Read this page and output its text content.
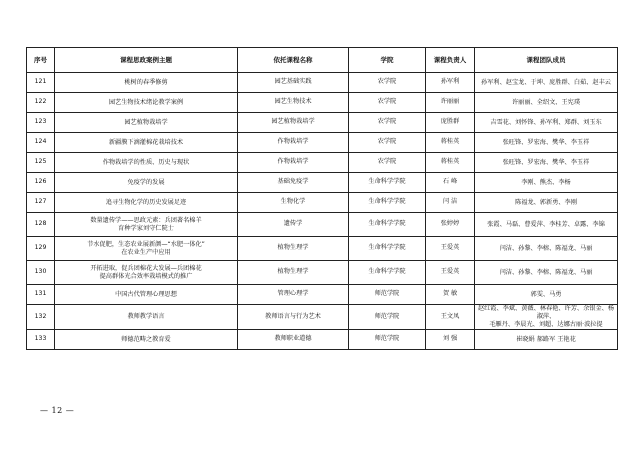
序号	课程思政案例主题	依托课程名称	学院	课程负责人	课程团队成员
121	桃树的春季修剪	园艺基础实践	农学院	孙军利	孙军利、赵宝龙、于坤、庞胜群、白茹、赵丰云

122	园艺生物技术绪论教学案例	园艺生物技术	农学院	许丽丽	许丽丽、全绍文、王宪璞

123	园艺植物栽培学	园艺植物栽培学	农学院	庞胜群	吉雪花、刘怀锋、孙军利、郑群、刘玉东

124	新疆膜下滴灌棉花栽培技术	作物栽培学	农学院	蒋桂英	张旺锋、罗宏海、樊华、李玉祥

125	作物栽培学的性质、历史与现状	作物栽培学	农学院	蒋桂英	张旺锋、罗宏海、樊华、李玉祥

126	免疫学的发展	基础免疫学	生命科学学院	石 峰	李刚、熊杰、李杨

127	追寻生物化学的历史发展足迹	生物化学	生命科学学院	闫 洁	陈福龙、郭新勇、李刚

128	数量遗传学——思政元素：兵团著名棉羊
育种学家刘守仁院士	遗传学	生命科学学院	张婷婷	张霞、马磊、曹爱萍、李桂芳、卓露、李锦

129	节水促肥，生态农业展新颜—“水肥一体化”
在农业生产中应用	植物生理学	生命科学学院	王爱英	闫洁、孙黎、李榕、陈福龙、马丽

130	开拓进取，促兵团棉花大发展—兵团棉花
提高群体光合效率栽培模式的推广	植物生理学	生命科学学院	王爱英	闫洁、孙黎、李榕、陈福龙、马丽

131	中国古代管理心理思想	管理心理学	师范学院	贺 敏	郭雯、马勇

132	教师教学语言	教师语言与行为艺术	师范学院	王文凤	赵红霞、李斌、黄薇、林春艳、许芳、余银金、杨淑萍、
毛雁丹、李晨光、刘超、达娜古丽·波拉提

133	师德范畴之教育爱	教师职业道德	师范学院	刘 强	崔晓娟 郝路军 王艳花
— 12 —
